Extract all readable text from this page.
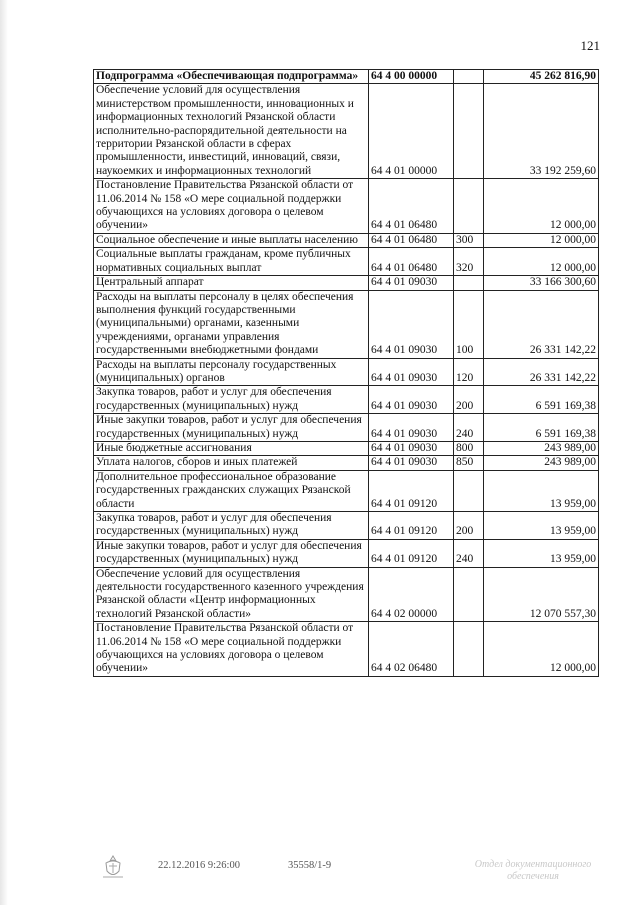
121
Подпрограмма «Обеспечивающая подпрограмма»	64 4 00 00000		45 262 816,90
Обеспечение условий для осуществления министерством промышленности, инновационных и информационных технологий Рязанской области исполнительно-распорядительной деятельности на территории Рязанской области в сферах промышленности, инвестиций, инноваций, связи, наукоемких и информационных технологий	64 4 01 00000		33 192 259,60
Постановление Правительства Рязанской области от 11.06.2014 № 158 «О мере социальной поддержки обучающихся на условиях договора о целевом обучении»	64 4 01 06480		12 000,00
Социальное обеспечение и иные выплаты населению	64 4 01 06480	300	12 000,00
Социальные выплаты гражданам, кроме публичных нормативных социальных выплат	64 4 01 06480	320	12 000,00
Центральный аппарат	64 4 01 09030		33 166 300,60
Расходы на выплаты персоналу в целях обеспечения выполнения функций государственными (муниципальными) органами, казенными учреждениями, органами управления государственными внебюджетными фондами	64 4 01 09030	100	26 331 142,22
Расходы на выплаты персоналу государственных (муниципальных) органов	64 4 01 09030	120	26 331 142,22
Закупка товаров, работ и услуг для обеспечения государственных (муниципальных) нужд	64 4 01 09030	200	6 591 169,38
Иные закупки товаров, работ и услуг для обеспечения государственных (муниципальных) нужд	64 4 01 09030	240	6 591 169,38
Иные бюджетные ассигнования	64 4 01 09030	800	243 989,00
Уплата налогов, сборов и иных платежей	64 4 01 09030	850	243 989,00
Дополнительное профессиональное образование государственных гражданских служащих Рязанской области	64 4 01 09120		13 959,00
Закупка товаров, работ и услуг для обеспечения государственных (муниципальных) нужд	64 4 01 09120	200	13 959,00
Иные закупки товаров, работ и услуг для обеспечения государственных (муниципальных) нужд	64 4 01 09120	240	13 959,00
Обеспечение условий для осуществления деятельности государственного казенного учреждения Рязанской области «Центр информационных технологий Рязанской области»	64 4 02 00000		12 070 557,30
Постановление Правительства Рязанской области от 11.06.2014 № 158 «О мере социальной поддержки обучающихся на условиях договора о целевом обучении»	64 4 02 06480		12 000,00
22.12.2016 9:26:00	35558/1-9	Отдел документационного обеспечения
